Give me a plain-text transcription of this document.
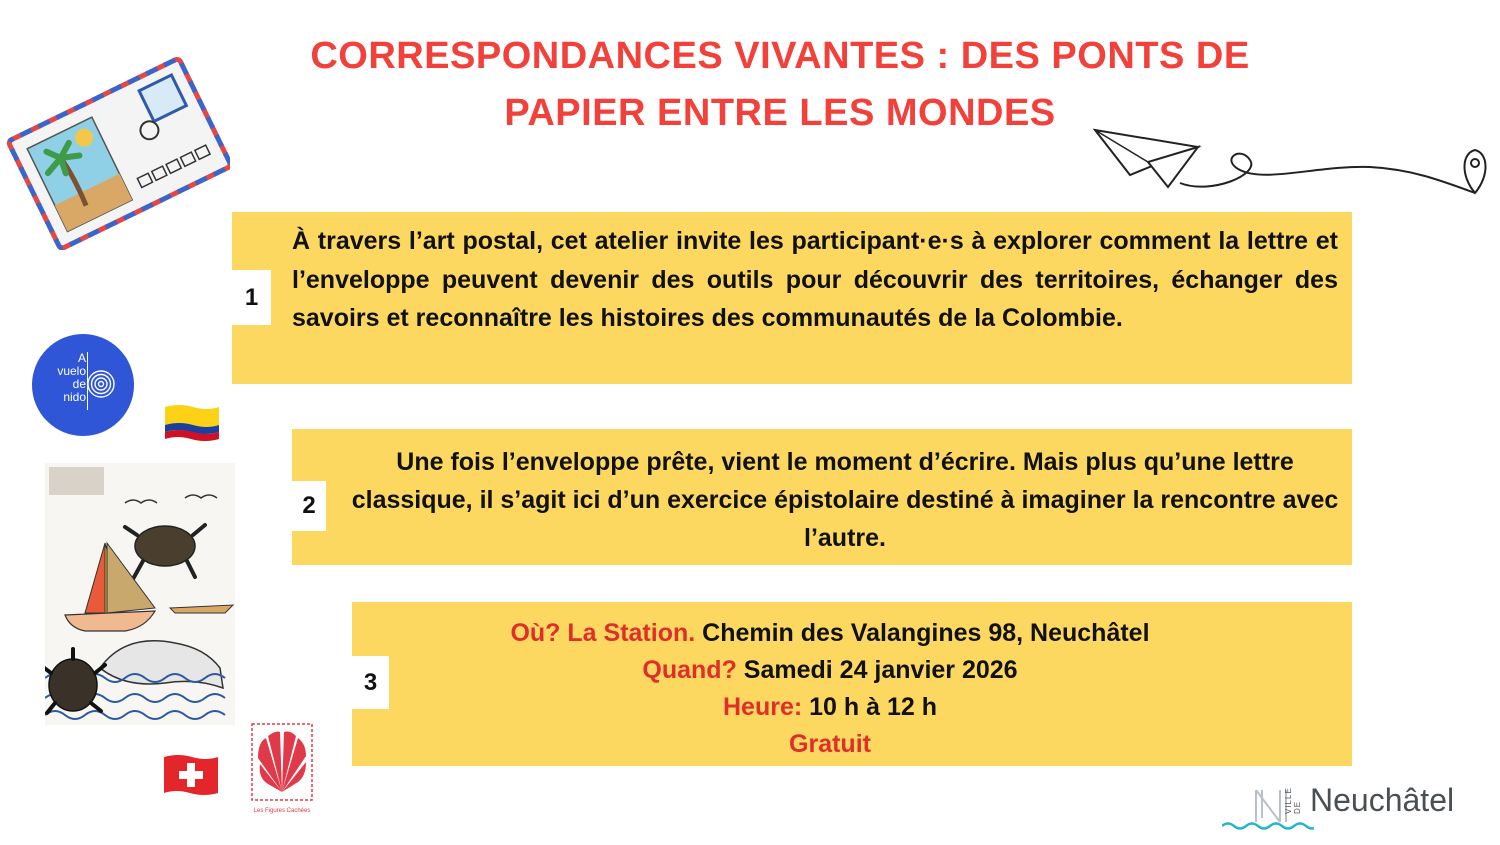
CORRESPONDANCES VIVANTES : DES PONTS DE
PAPIER ENTRE LES MONDES
1
À travers l’art postal, cet atelier invite les participant·e·s à explorer comment la lettre et l’enveloppe peuvent devenir des outils pour découvrir des territoires, échanger des savoirs et reconnaître les histoires des communautés de la Colombie.
2
Une fois l’enveloppe prête, vient le moment d’écrire. Mais plus qu’une lettre classique, il s’agit ici d’un exercice épistolaire destiné à imaginer la rencontre avec l’autre.
3
Où? La Station. Chemin des Valangines 98, Neuchâtel
Quand? Samedi 24 janvier 2026
Heure: 10 h à 12 h
Gratuit
A
vuelo
de
nido
Les Figures Cachées	VILLE DE Neuchâtel
